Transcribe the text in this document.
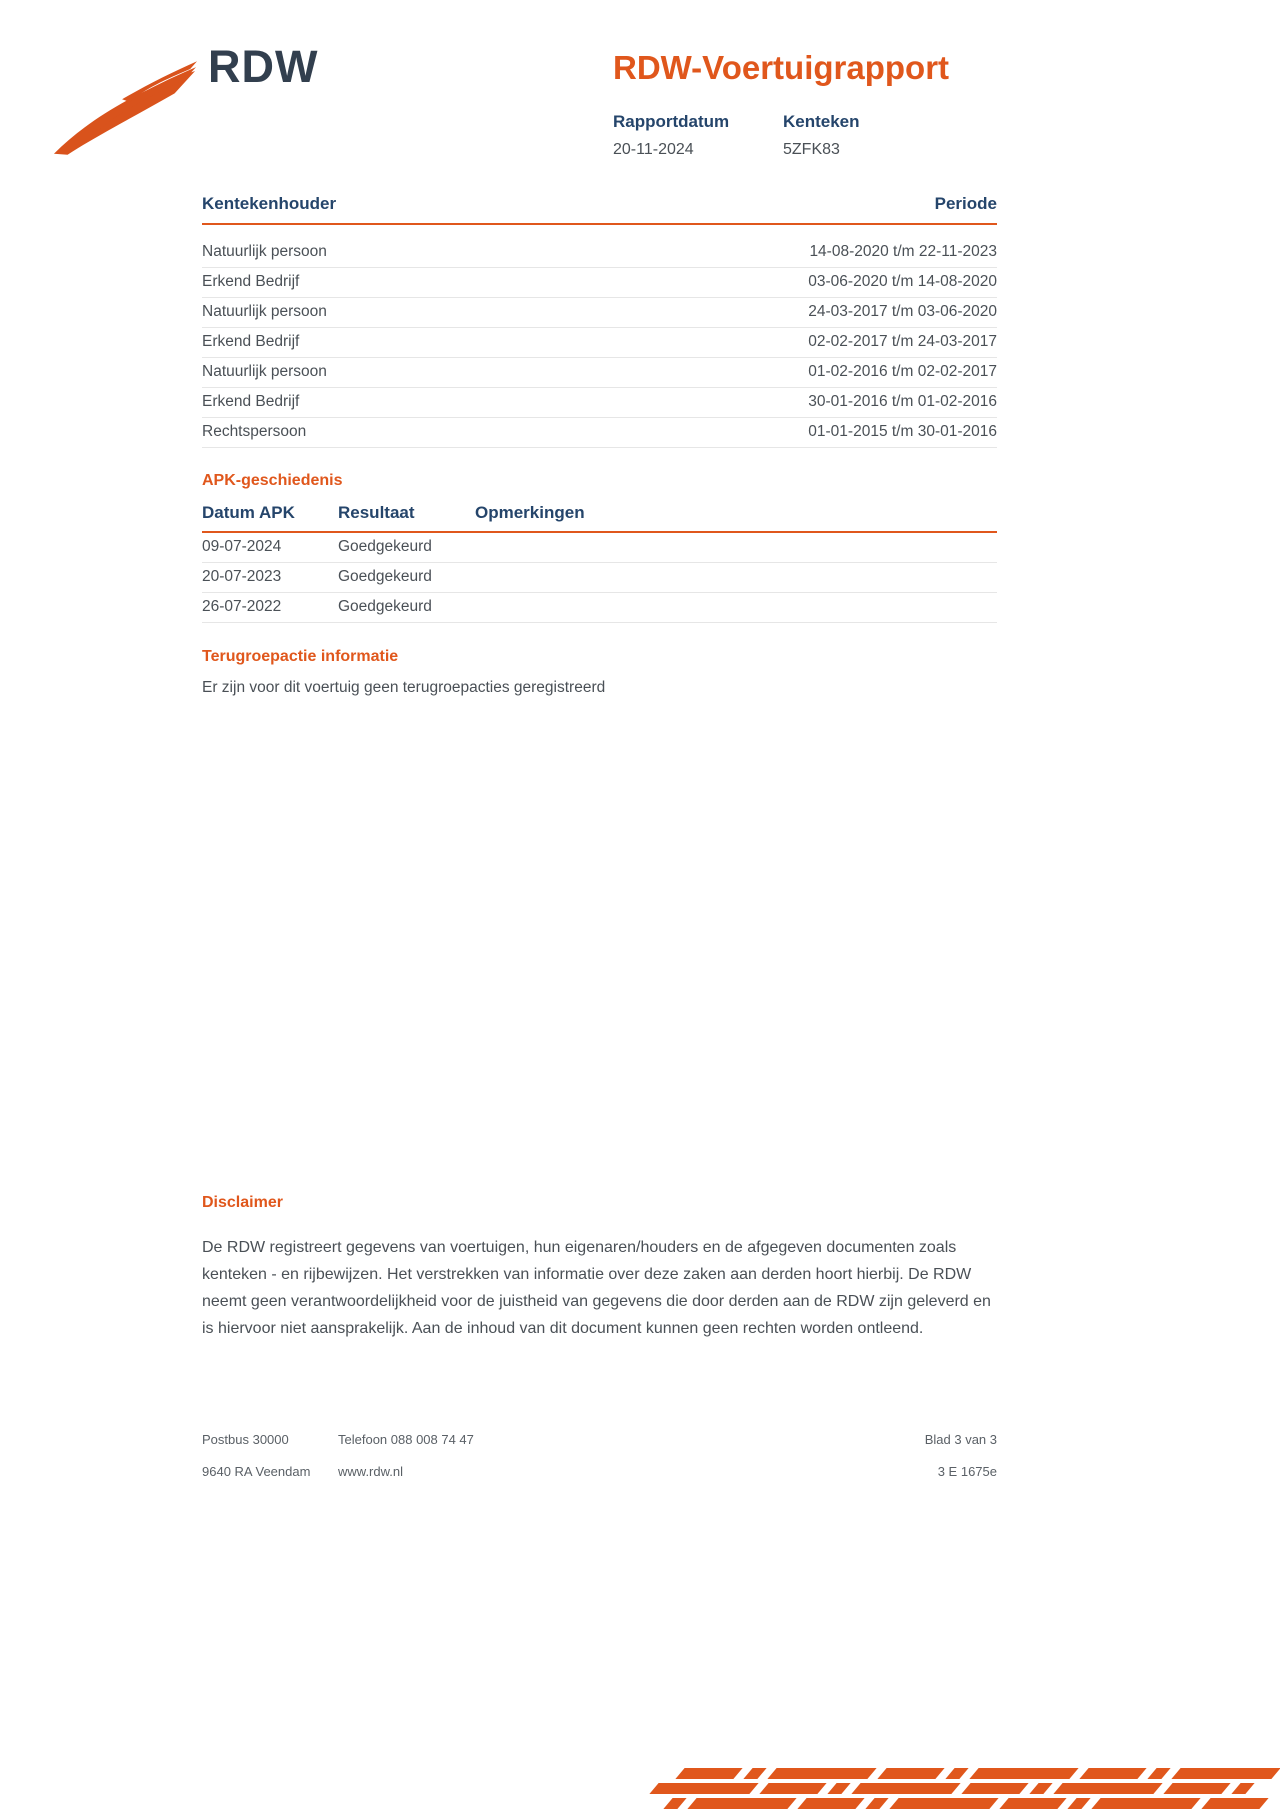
RDW	RDW-Voertuigrapport
Rapportdatum
20-11-2024
Kenteken
5ZFK83
Kentekenhouder	Periode
Natuurlijk persoon	14-08-2020 t/m 22-11-2023
Erkend Bedrijf	03-06-2020 t/m 14-08-2020
Natuurlijk persoon	24-03-2017 t/m 03-06-2020
Erkend Bedrijf	02-02-2017 t/m 24-03-2017
Natuurlijk persoon	01-02-2016 t/m 02-02-2017
Erkend Bedrijf	30-01-2016 t/m 01-02-2016
Rechtspersoon	01-01-2015 t/m 30-01-2016
APK-geschiedenis
Datum APK	Resultaat	Opmerkingen
09-07-2024	Goedgekeurd
20-07-2023	Goedgekeurd
26-07-2022	Goedgekeurd
Terugroepactie informatie
Er zijn voor dit voertuig geen terugroepacties geregistreerd
Disclaimer

De RDW registreert gegevens van voertuigen, hun eigenaren/houders en de afgegeven documenten zoals kenteken - en rijbewijzen. Het verstrekken van informatie over deze zaken aan derden hoort hierbij. De RDW neemt geen verantwoordelijkheid voor de juistheid van gegevens die door derden aan de RDW zijn geleverd en is hiervoor niet aansprakelijk. Aan de inhoud van dit document kunnen geen rechten worden ontleend.

Postbus 30000	Telefoon 088 008 74 47	Blad 3 van 3
9640 RA Veendam	www.rdw.nl	3 E 1675e
